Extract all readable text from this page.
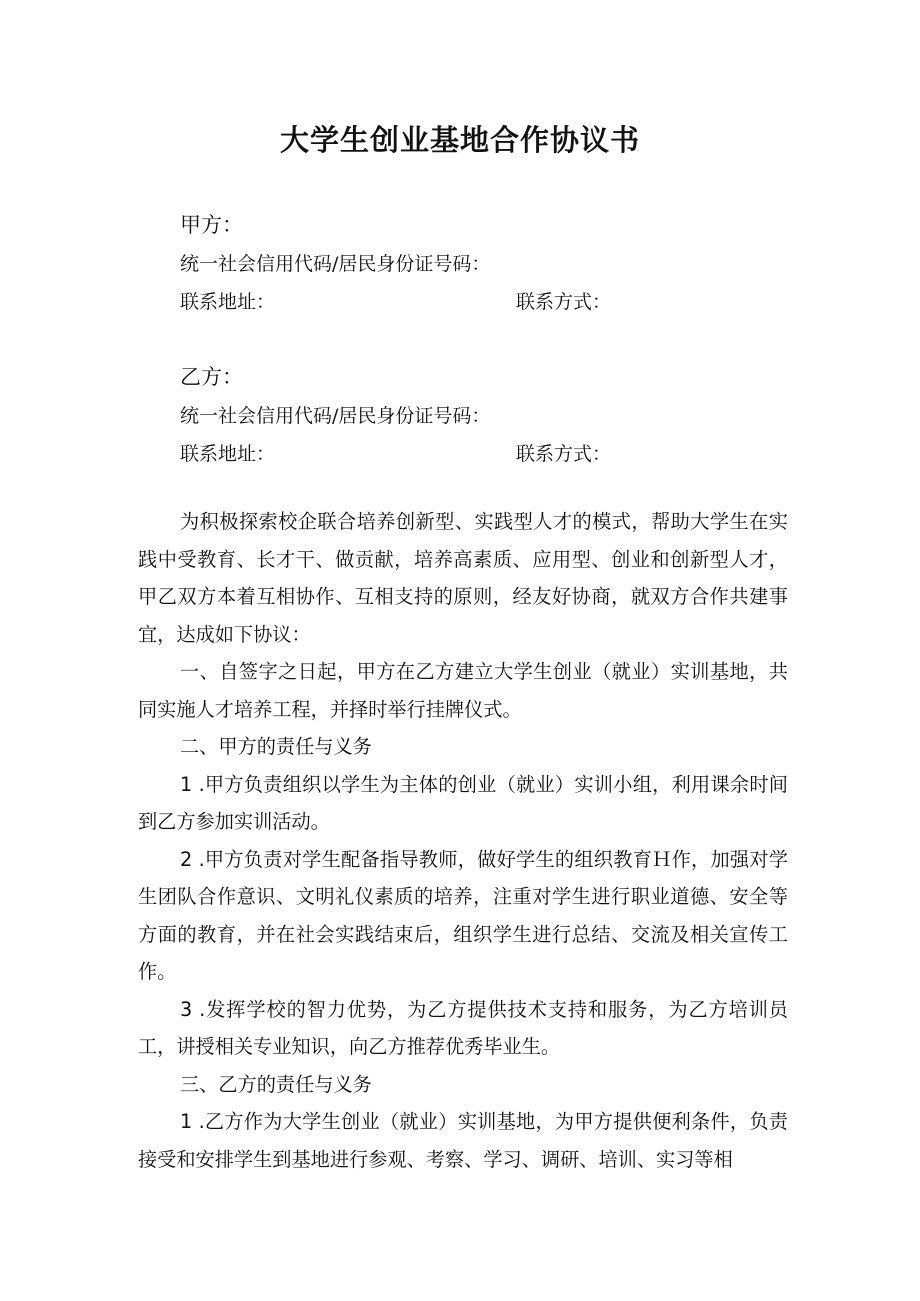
大学生创业基地合作协议书
甲方：
统一社会信用代码/居民身份证号码：
联系地址：	联系方式：
乙方：
统一社会信用代码/居民身份证号码：
联系地址：	联系方式：

为积极探索校企联合培养创新型、实践型人才的模式，帮助大学生在实践中受教育、长才干、做贡献，培养高素质、应用型、创业和创新型人才，甲乙双方本着互相协作、互相支持的原则，经友好协商，就双方合作共建事宜，达成如下协议：

一、自签字之日起，甲方在乙方建立大学生创业（就业）实训基地，共同实施人才培养工程，并择时举行挂牌仪式。

二、甲方的责任与义务

1 .甲方负责组织以学生为主体的创业（就业）实训小组，利用课余时间到乙方参加实训活动。

2 .甲方负责对学生配备指导教师，做好学生的组织教育Ｈ作，加强对学生团队合作意识、文明礼仪素质的培养，注重对学生进行职业道德、安全等方面的教育，并在社会实践结束后，组织学生进行总结、交流及相关宣传工作。

3 .发挥学校的智力优势，为乙方提供技术支持和服务，为乙方培训员工，讲授相关专业知识，向乙方推荐优秀毕业生。

三、乙方的责任与义务

1 .乙方作为大学生创业（就业）实训基地，为甲方提供便利条件，负责接受和安排学生到基地进行参观、考察、学习、调研、培训、实习等相
